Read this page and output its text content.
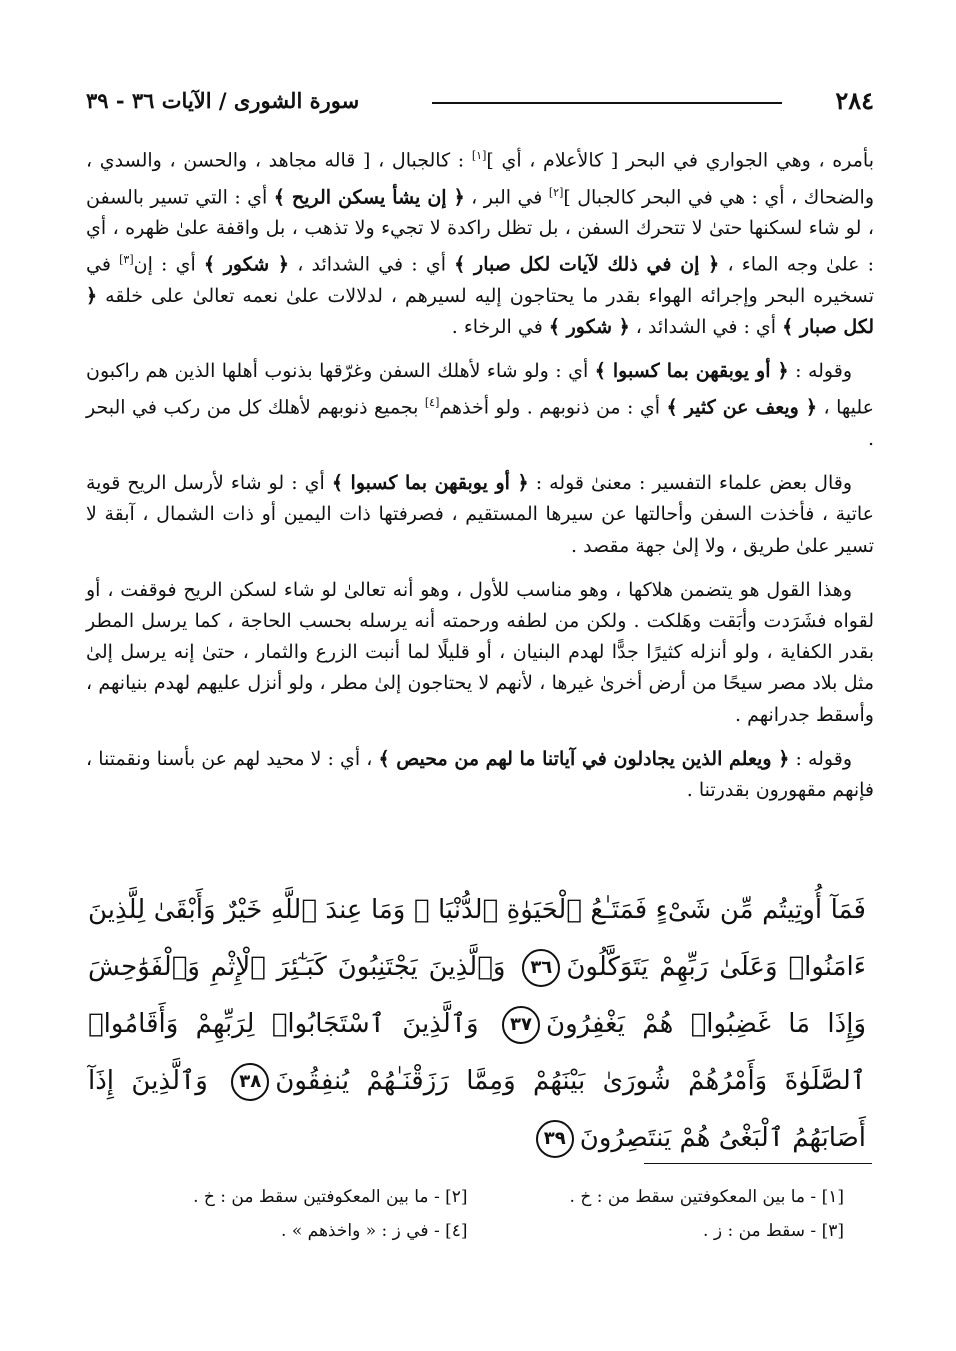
٢٨٤
سورة الشورى / الآيات ٣٦ - ٣٩

بأمره ، وهي الجواري في البحر [ كالأعلام ، أي ][١] : كالجبال ، [ قاله مجاهد ، والحسن ، والسدي ، والضحاك ، أي : هي في البحر كالجبال ][٢] في البر ، ﴿ إن يشأ يسكن الريح ﴾ أي : التي تسير بالسفن ، لو شاء لسكنها حتىٰ لا تتحرك السفن ، بل تظل راكدة لا تجيء ولا تذهب ، بل واقفة علىٰ ظهره ، أي : علىٰ وجه الماء ، ﴿ إن في ذلك لآيات لكل صبار ﴾ أي : في الشدائد ، ﴿ شكور ﴾ أي : إن[٣] في تسخيره البحر وإجرائه الهواء بقدر ما يحتاجون إليه لسيرهم ، لدلالات علىٰ نعمه تعالىٰ على خلقه ﴿ لكل صبار ﴾ أي : في الشدائد ، ﴿ شكور ﴾ في الرخاء .

وقوله : ﴿ أو يوبقهن بما كسبوا ﴾ أي : ولو شاء لأهلك السفن وغرّقها بذنوب أهلها الذين هم راكبون عليها ، ﴿ ويعف عن كثير ﴾ أي : من ذنوبهم . ولو أخذهم[٤] بجميع ذنوبهم لأهلك كل من ركب في البحر .

وقال بعض علماء التفسير : معنىٰ قوله : ﴿ أو يوبقهن بما كسبوا ﴾ أي : لو شاء لأرسل الريح قوية عاتية ، فأخذت السفن وأحالتها عن سيرها المستقيم ، فصرفتها ذات اليمين أو ذات الشمال ، آبقة لا تسير علىٰ طريق ، ولا إلىٰ جهة مقصد .

وهذا القول هو يتضمن هلاكها ، وهو مناسب للأول ، وهو أنه تعالىٰ لو شاء لسكن الريح فوقفت ، أو لقواه فشَرَدت وأبَقت وهَلكت . ولكن من لطفه ورحمته أنه يرسله بحسب الحاجة ، كما يرسل المطر بقدر الكفاية ، ولو أنزله كثيرًا جدًّا لهدم البنيان ، أو قليلًا لما أنبت الزرع والثمار ، حتىٰ إنه يرسل إلىٰ مثل بلاد مصر سيحًا من أرض أخرىٰ غيرها ، لأنهم لا يحتاجون إلىٰ مطر ، ولو أنزل عليهم لهدم بنيانهم ، وأسقط جدرانهم .

وقوله : ﴿ ويعلم الذين يجادلون في آياتنا ما لهم من محيص ﴾ ، أي : لا محيد لهم عن بأسنا ونقمتنا ، فإنهم مقهورون بقدرتنا .

فَمَآ أُوتِيتُم مِّن شَىْءٍ فَمَتَـٰعُ ٱلْحَيَوٰةِ ٱلدُّنْيَا ۖ وَمَا عِندَ ٱللَّهِ خَيْرٌ وَأَبْقَىٰ لِلَّذِينَ ءَامَنُوا۟ وَعَلَىٰ رَبِّهِمْ يَتَوَكَّلُونَ٣٦ وَٱلَّذِينَ يَجْتَنِبُونَ كَبَـٰٓئِرَ ٱلْإِثْمِ وَٱلْفَوَٰحِشَ وَإِذَا مَا غَضِبُوا۟ هُمْ يَغْفِرُونَ٣٧ وَٱلَّذِينَ ٱسْتَجَابُوا۟ لِرَبِّهِمْ وَأَقَامُوا۟ ٱلصَّلَوٰةَ وَأَمْرُهُمْ شُورَىٰ بَيْنَهُمْ وَمِمَّا رَزَقْنَـٰهُمْ يُنفِقُونَ٣٨ وَٱلَّذِينَ إِذَآ أَصَابَهُمُ ٱلْبَغْىُ هُمْ يَنتَصِرُونَ٣٩
[١] - ما بين المعكوفتين سقط من : خ .
[٢] - ما بين المعكوفتين سقط من : خ .
[٣] - سقط من : ز .
[٤] - في ز : « واخذهم » .
